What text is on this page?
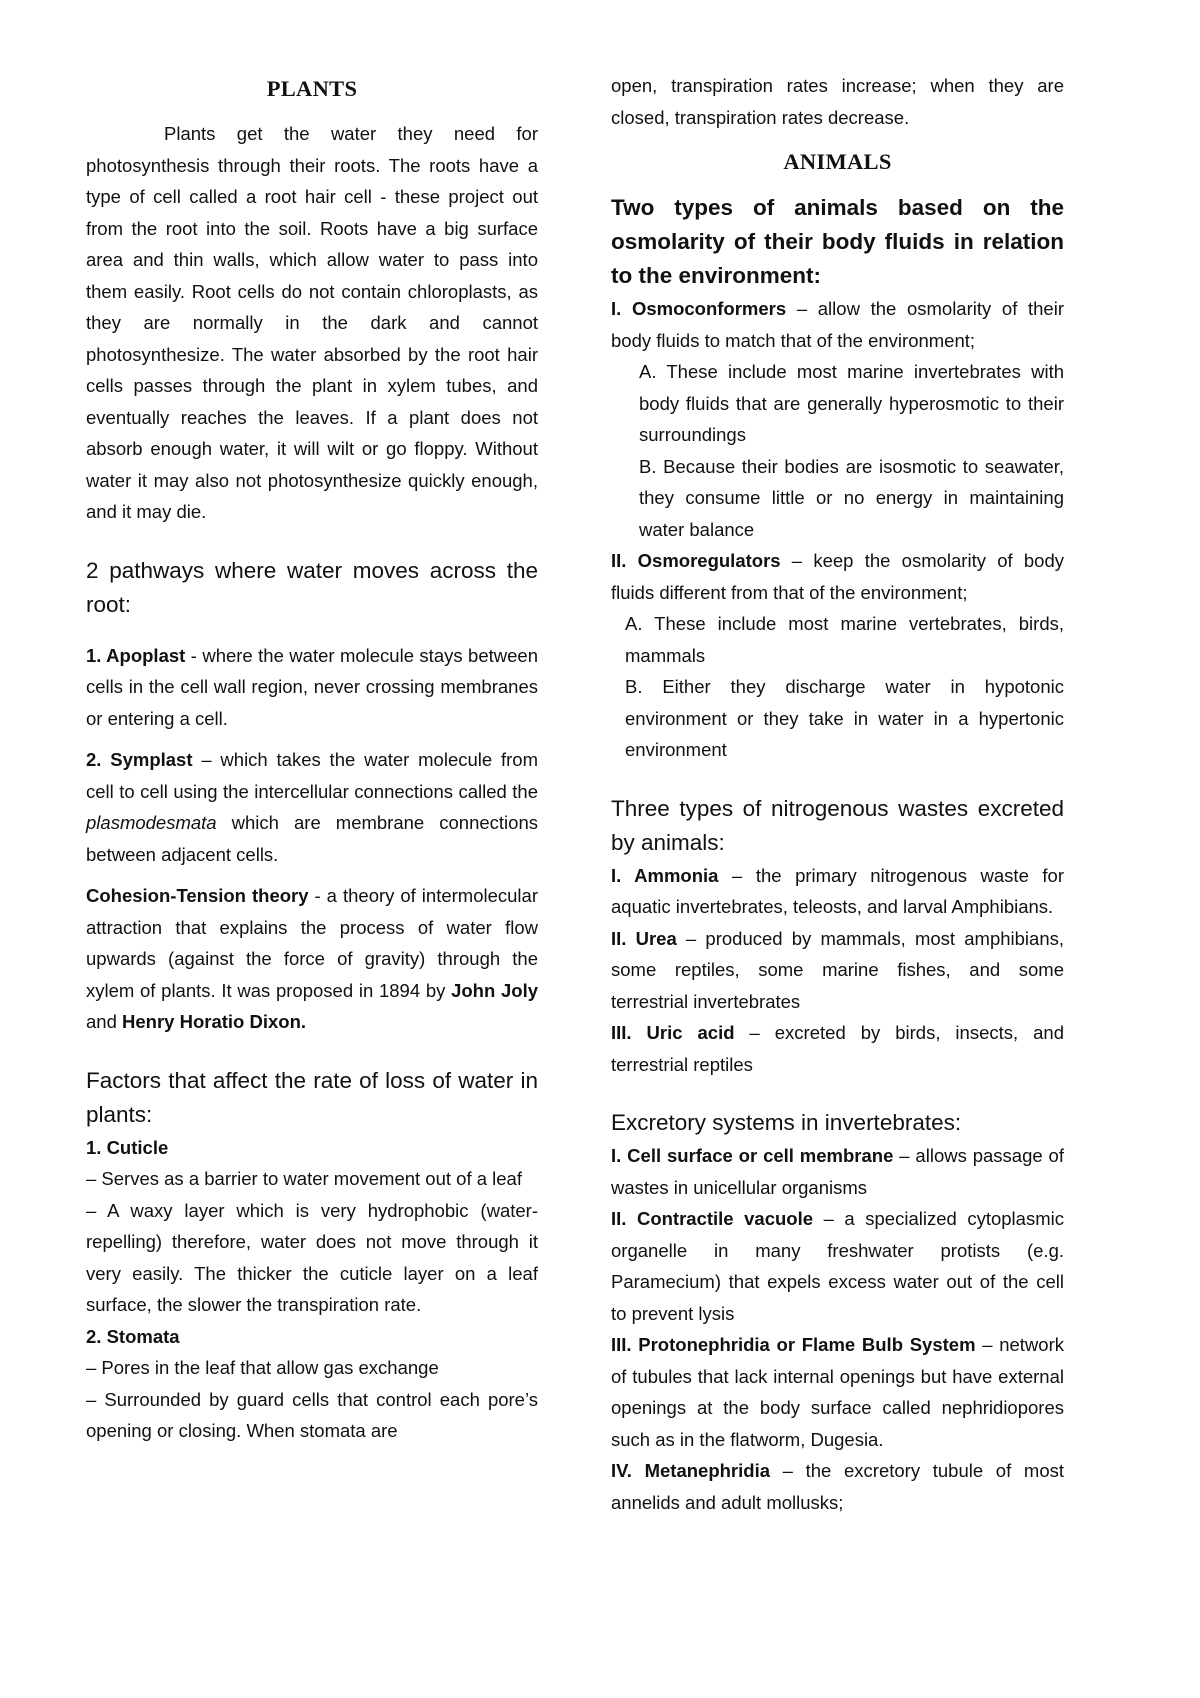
PLANTS

Plants get the water they need for photosynthesis through their roots. The roots have a type of cell called a root hair cell - these project out from the root into the soil. Roots have a big surface area and thin walls, which allow water to pass into them easily. Root cells do not contain chloroplasts, as they are normally in the dark and cannot photosynthesize. The water absorbed by the root hair cells passes through the plant in xylem tubes, and eventually reaches the leaves. If a plant does not absorb enough water, it will wilt or go floppy. Without water it may also not photosynthesize quickly enough, and it may die.

2 pathways where water moves across the root:

1. Apoplast - where the water molecule stays between cells in the cell wall region, never crossing membranes or entering a cell.

2. Symplast – which takes the water molecule from cell to cell using the intercellular connections called the plasmodesmata which are membrane connections between adjacent cells.

Cohesion-Tension theory - a theory of intermolecular attraction that explains the process of water flow upwards (against the force of gravity) through the xylem of plants. It was proposed in 1894 by John Joly and Henry Horatio Dixon.

Factors that affect the rate of loss of water in plants:

1. Cuticle

– Serves as a barrier to water movement out of a leaf

– A waxy layer which is very hydrophobic (water-repelling) therefore, water does not move through it very easily. The thicker the cuticle layer on a leaf surface, the slower the transpiration rate.

2. Stomata

– Pores in the leaf that allow gas exchange

– Surrounded by guard cells that control each pore’s opening or closing. When stomata are

open, transpiration rates increase; when they are closed, transpiration rates decrease.

ANIMALS

Two types of animals based on the osmolarity of their body fluids in relation to the environment:

I. Osmoconformers – allow the osmolarity of their body fluids to match that of the environment;

A. These include most marine invertebrates with body fluids that are generally hyperosmotic to their surroundings

B. Because their bodies are isosmotic to seawater, they consume little or no energy in maintaining water balance

II. Osmoregulators – keep the osmolarity of body fluids different from that of the environment;

A. These include most marine vertebrates, birds, mammals

B. Either they discharge water in hypotonic environment or they take in water in a hypertonic environment

Three types of nitrogenous wastes excreted by animals:

I. Ammonia – the primary nitrogenous waste for aquatic invertebrates, teleosts, and larval Amphibians.

II. Urea – produced by mammals, most amphibians, some reptiles, some marine fishes, and some terrestrial invertebrates

III. Uric acid – excreted by birds, insects, and terrestrial reptiles

Excretory systems in invertebrates:

I. Cell surface or cell membrane – allows passage of wastes in unicellular organisms

II. Contractile vacuole – a specialized cytoplasmic organelle in many freshwater protists (e.g. Paramecium) that expels excess water out of the cell to prevent lysis

III. Protonephridia or Flame Bulb System – network of tubules that lack internal openings but have external openings at the body surface called nephridiopores such as in the flatworm, Dugesia.

IV. Metanephridia – the excretory tubule of most annelids and adult mollusks;
